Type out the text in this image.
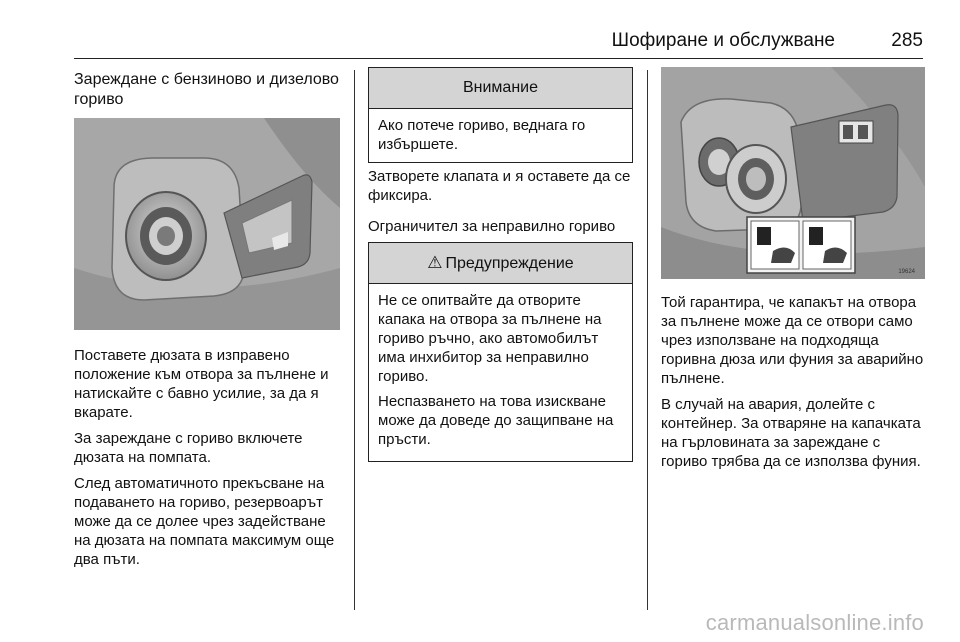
Шофиране и обслужване	285
Зареждане с бензиново и дизелово гориво

Поставете дюзата в изправено положение към отвора за пълнене и натискайте с бавно усилие, за да я вкарате.

За зареждане с гориво включете дюзата на помпата.

След автоматичното прекъсване на подаването на гориво, резервоарът може да се долее чрез задействане на дюзата на помпата максимум още два пъти.

Внимание

Ако потече гориво, веднага го избършете.

Затворете клапата и я оставете да се фиксира.

Ограничител за неправилно гориво

⚠ Предупреждение

Не се опитвайте да отворите капака на отвора за пълнене на гориво ръчно, ако автомобилът има инхибитор за неправилно гориво.

Неспазването на това изискване може да доведе до защипване на пръсти.

19624

Той гарантира, че капакът на отвора за пълнене може да се отвори само чрез използване на подходяща горивна дюза или фуния за аварийно пълнене.

В случай на авария, долейте с контейнер. За отваряне на капачката на гърловината за зареждане с гориво трябва да се използва фуния.

carmanualsonline.info
